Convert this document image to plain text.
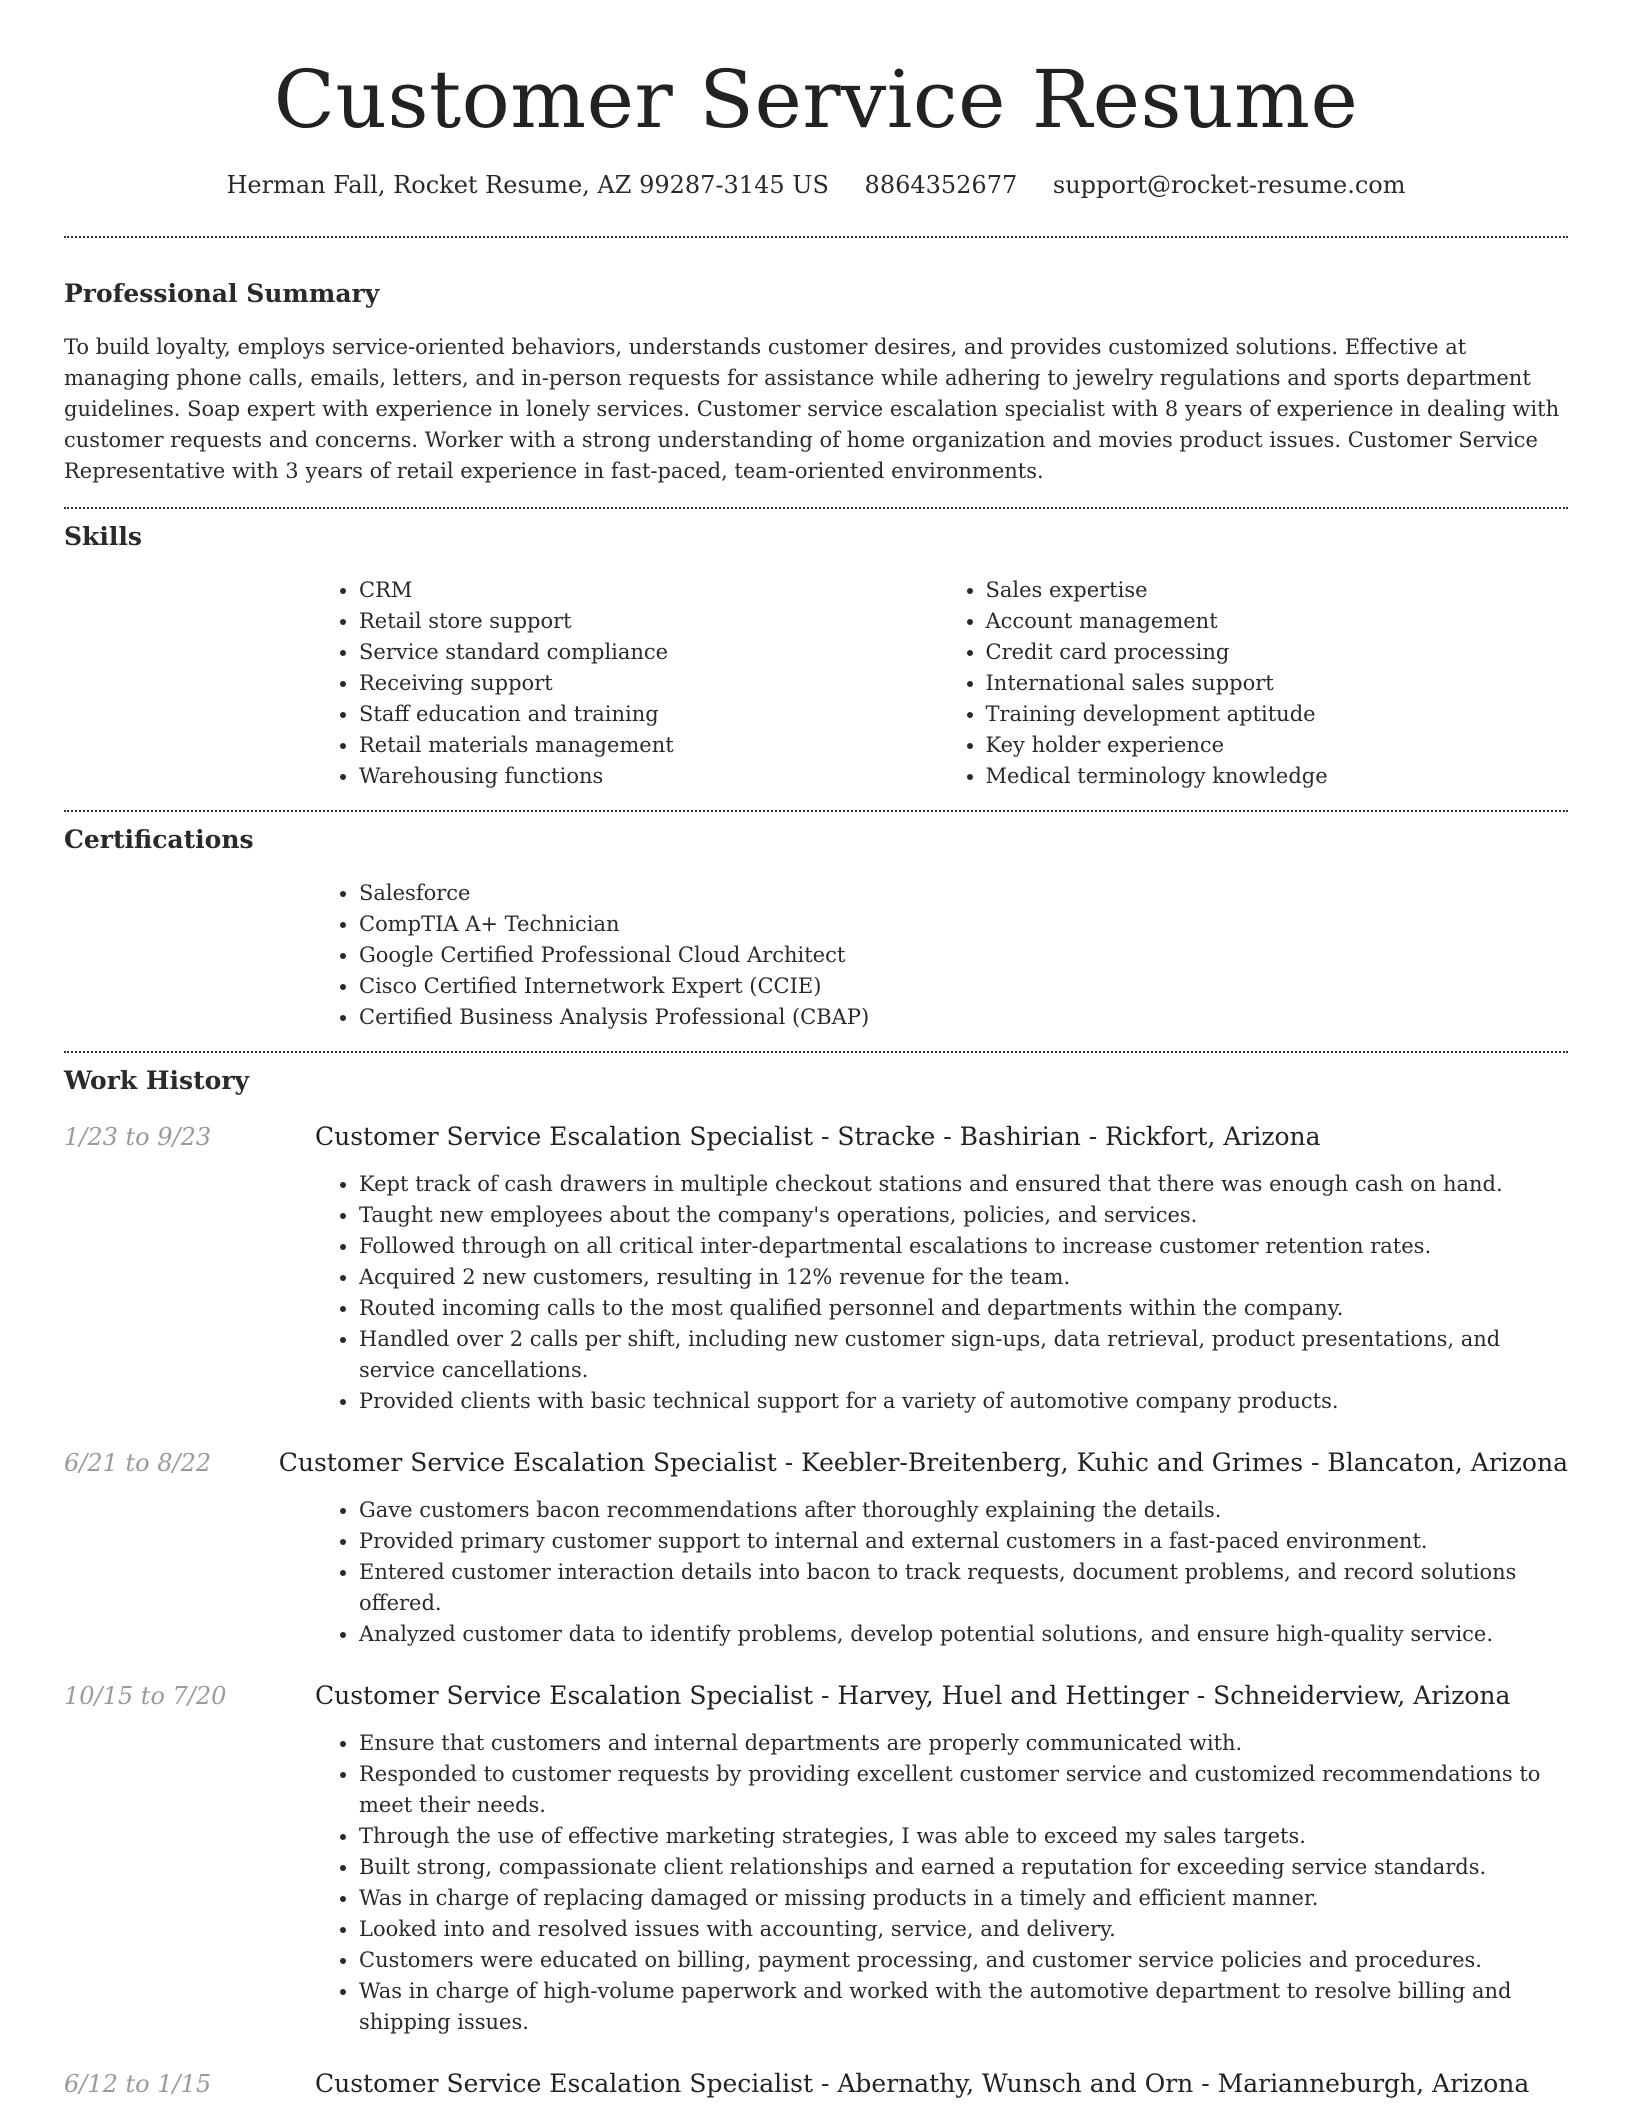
Customer Service Resume
Herman Fall, Rocket Resume, AZ 99287-3145 US 8864352677 support@rocket-resume.com
Professional Summary

To build loyalty, employs service-oriented behaviors, understands customer desires, and provides customized solutions. Effective at managing phone calls, emails, letters, and in-person requests for assistance while adhering to jewelry regulations and sports department guidelines. Soap expert with experience in lonely services. Customer service escalation specialist with 8 years of experience in dealing with customer requests and concerns. Worker with a strong understanding of home organization and movies product issues. Customer Service Representative with 3 years of retail experience in fast-paced, team-oriented environments.

Skills
• CRM
• Retail store support
• Service standard compliance
• Receiving support
• Staff education and training
• Retail materials management
• Warehousing functions
• Sales expertise
• Account management
• Credit card processing
• International sales support
• Training development aptitude
• Key holder experience
• Medical terminology knowledge
Certifications
• Salesforce
• CompTIA A+ Technician
• Google Certified Professional Cloud Architect
• Cisco Certified Internetwork Expert (CCIE)
• Certified Business Analysis Professional (CBAP)
Work History
1/23 to 9/23	Customer Service Escalation Specialist - Stracke - Bashirian - Rickfort, Arizona
• Kept track of cash drawers in multiple checkout stations and ensured that there was enough cash on hand.
• Taught new employees about the company's operations, policies, and services.
• Followed through on all critical inter-departmental escalations to increase customer retention rates.
• Acquired 2 new customers, resulting in 12% revenue for the team.
• Routed incoming calls to the most qualified personnel and departments within the company.
• Handled over 2 calls per shift, including new customer sign-ups, data retrieval, product presentations, and service cancellations.
• Provided clients with basic technical support for a variety of automotive company products.
6/21 to 8/22	Customer Service Escalation Specialist - Keebler-Breitenberg, Kuhic and Grimes - Blancaton, Arizona
• Gave customers bacon recommendations after thoroughly explaining the details.
• Provided primary customer support to internal and external customers in a fast-paced environment.
• Entered customer interaction details into bacon to track requests, document problems, and record solutions offered.
• Analyzed customer data to identify problems, develop potential solutions, and ensure high-quality service.
10/15 to 7/20	Customer Service Escalation Specialist - Harvey, Huel and Hettinger - Schneiderview, Arizona
• Ensure that customers and internal departments are properly communicated with.
• Responded to customer requests by providing excellent customer service and customized recommendations to meet their needs.
• Through the use of effective marketing strategies, I was able to exceed my sales targets.
• Built strong, compassionate client relationships and earned a reputation for exceeding service standards.
• Was in charge of replacing damaged or missing products in a timely and efficient manner.
• Looked into and resolved issues with accounting, service, and delivery.
• Customers were educated on billing, payment processing, and customer service policies and procedures.
• Was in charge of high-volume paperwork and worked with the automotive department to resolve billing and shipping issues.
6/12 to 1/15	Customer Service Escalation Specialist - Abernathy, Wunsch and Orn - Marianneburgh, Arizona
